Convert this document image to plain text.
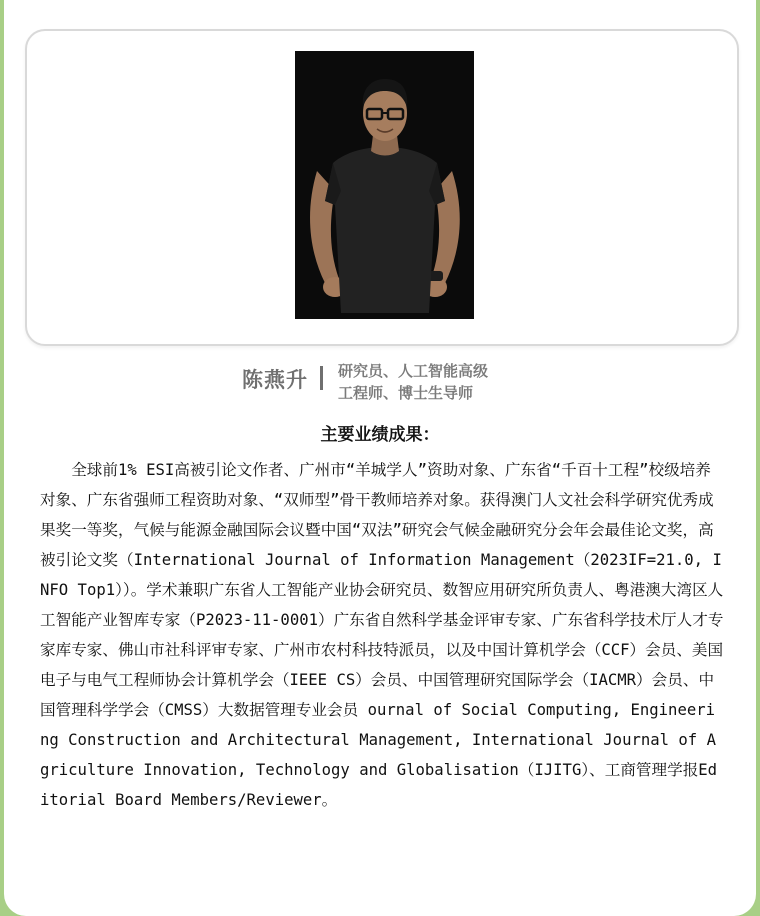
陈燕升 研究员、人工智能高级
工程师、博士生导师
主要业绩成果：

全球前1% ESI高被引论文作者、广州市“羊城学人”资助对象、广东省“千百十工程”校级培养对象、广东省强师工程资助对象、“双师型”骨干教师培养对象。获得澳门人文社会科学研究优秀成果奖一等奖，气候与能源金融国际会议暨中国“双法”研究会气候金融研究分会年会最佳论文奖，高被引论文奖（International Journal of Information Management（2023IF=21.0, INFO Top1））。学术兼职广东省人工智能产业协会研究员、数智应用研究所负责人、粤港澳大湾区人工智能产业智库专家（P2023-11-0001）广东省自然科学基金评审专家、广东省科学技术厅人才专家库专家、佛山市社科评审专家、广州市农村科技特派员，以及中国计算机学会（CCF）会员、美国电子与电气工程师协会计算机学会（IEEE CS）会员、中国管理研究国际学会（IACMR）会员、中国管理科学学会（CMSS）大数据管理专业会员 ournal of Social Computing, Engineering Construction and Architectural Management, International Journal of Agriculture Innovation, Technology and Globalisation（IJITG）、工商管理学报Editorial Board Members/Reviewer。
